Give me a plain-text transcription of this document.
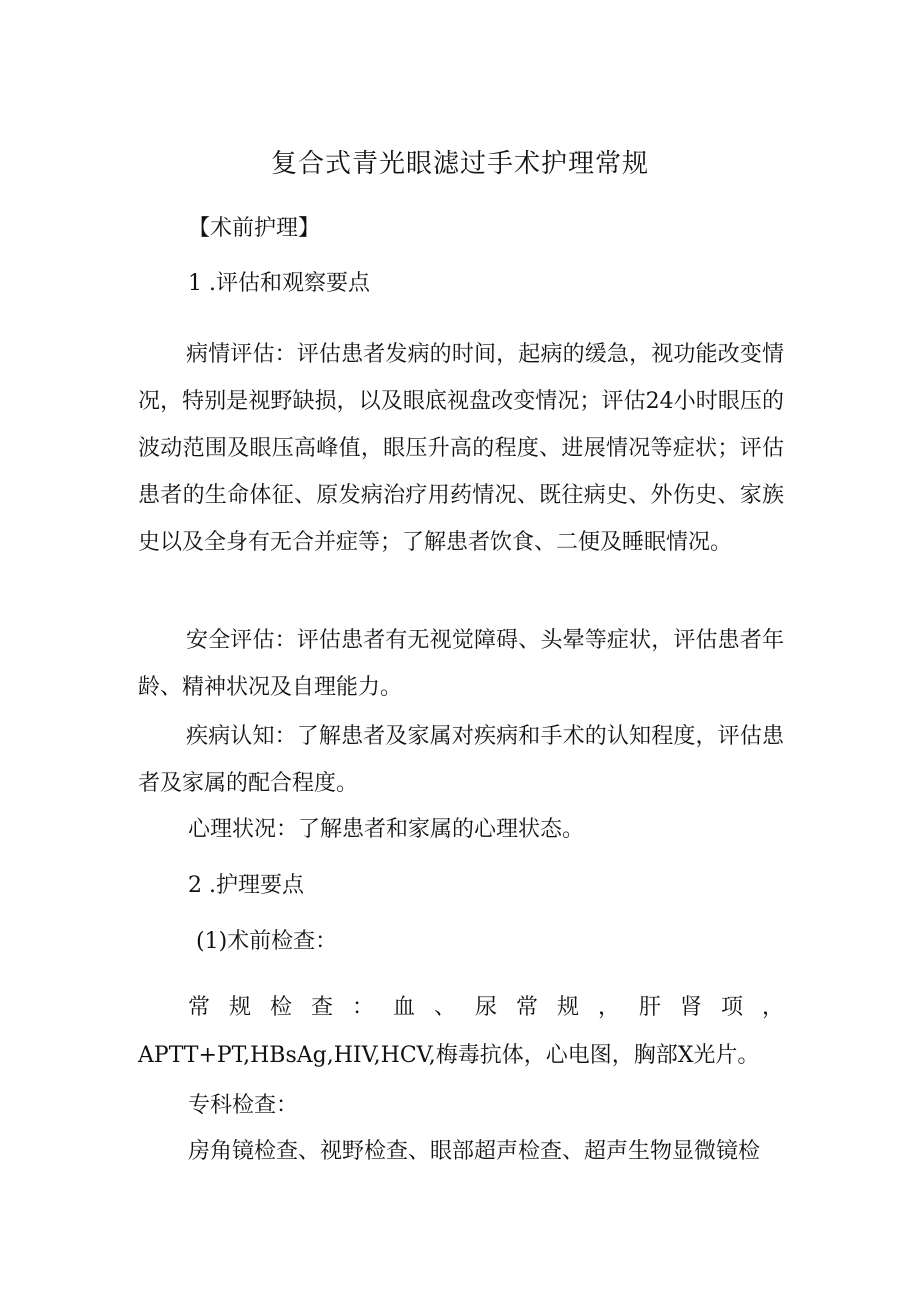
复合式青光眼滤过手术护理常规

【术前护理】

1 .评估和观察要点

病情评估：评估患者发病的时间，起病的缓急，视功能改变情况，特别是视野缺损，以及眼底视盘改变情况；评估24小时眼压的波动范围及眼压高峰值，眼压升高的程度、进展情况等症状；评估患者的生命体征、原发病治疗用药情况、既往病史、外伤史、家族史以及全身有无合并症等；了解患者饮食、二便及睡眠情况。

安全评估：评估患者有无视觉障碍、头晕等症状，评估患者年龄、精神状况及自理能力。

疾病认知：了解患者及家属对疾病和手术的认知程度，评估患者及家属的配合程度。

心理状况：了解患者和家属的心理状态。

2 .护理要点

(1)术前检查：

常规检查：血、尿常规，肝肾项，

APTT+PT,HBsAg,HIV,HCV,梅毒抗体，心电图，胸部X光片。

专科检查：

房角镜检查、视野检查、眼部超声检查、超声生物显微镜检
